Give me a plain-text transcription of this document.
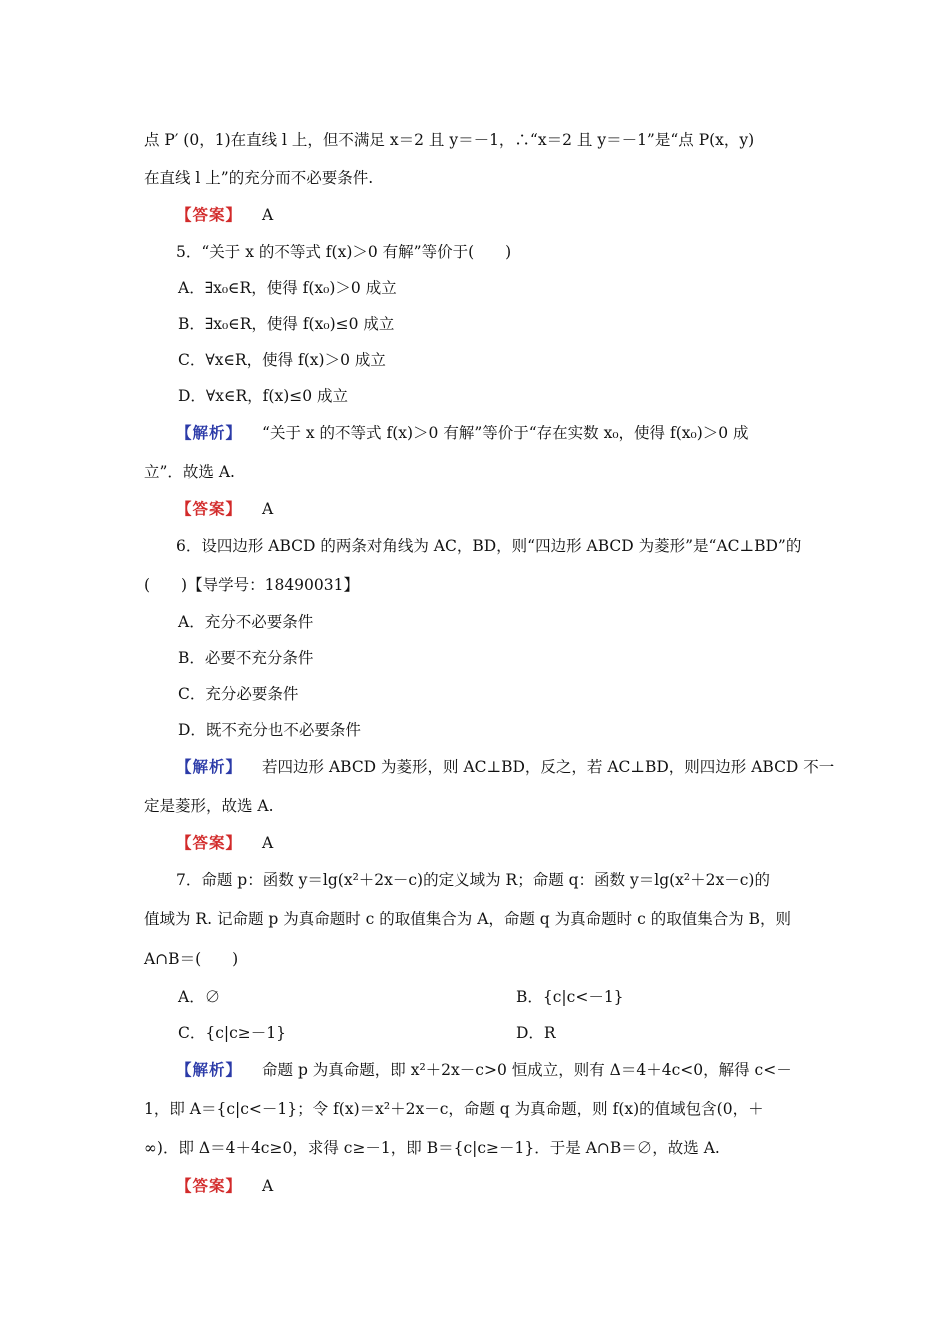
点 P′ (0，1)在直线 l 上，但不满足 x＝2 且 y＝－1，∴“x＝2 且 y＝－1”是“点 P(x，y)
在直线 l 上”的充分而不必要条件.
【答案】 A
5．“关于 x 的不等式 f(x)＞0 有解”等价于(　　)
A．∃x₀∈R，使得 f(x₀)＞0 成立
B．∃x₀∈R，使得 f(x₀)≤0 成立
C．∀x∈R，使得 f(x)＞0 成立
D．∀x∈R，f(x)≤0 成立
【解析】 “关于 x 的不等式 f(x)＞0 有解”等价于“存在实数 x₀，使得 f(x₀)＞0 成
立”．故选 A.
【答案】 A
6．设四边形 ABCD 的两条对角线为 AC，BD，则“四边形 ABCD 为菱形”是“AC⊥BD”的
(　　)【导学号：18490031】
A．充分不必要条件
B．必要不充分条件
C．充分必要条件
D．既不充分也不必要条件
【解析】 若四边形 ABCD 为菱形，则 AC⊥BD，反之，若 AC⊥BD，则四边形 ABCD 不一
定是菱形，故选 A.
【答案】 A
7．命题 p：函数 y＝lg(x²＋2x－c)的定义域为 R；命题 q：函数 y＝lg(x²＋2x－c)的
值域为 R. 记命题 p 为真命题时 c 的取值集合为 A，命题 q 为真命题时 c 的取值集合为 B，则
A∩B＝(　　)
A．∅	B．{c|c<－1}
C．{c|c≥－1}	D．R
【解析】 命题 p 为真命题，即 x²＋2x－c>0 恒成立，则有 Δ＝4＋4c<0，解得 c<－
1，即 A＝{c|c<－1}；令 f(x)＝x²＋2x－c，命题 q 为真命题，则 f(x)的值域包含(0，＋
∞)．即 Δ＝4＋4c≥0，求得 c≥－1，即 B＝{c|c≥－1}．于是 A∩B＝∅，故选 A.
【答案】 A
